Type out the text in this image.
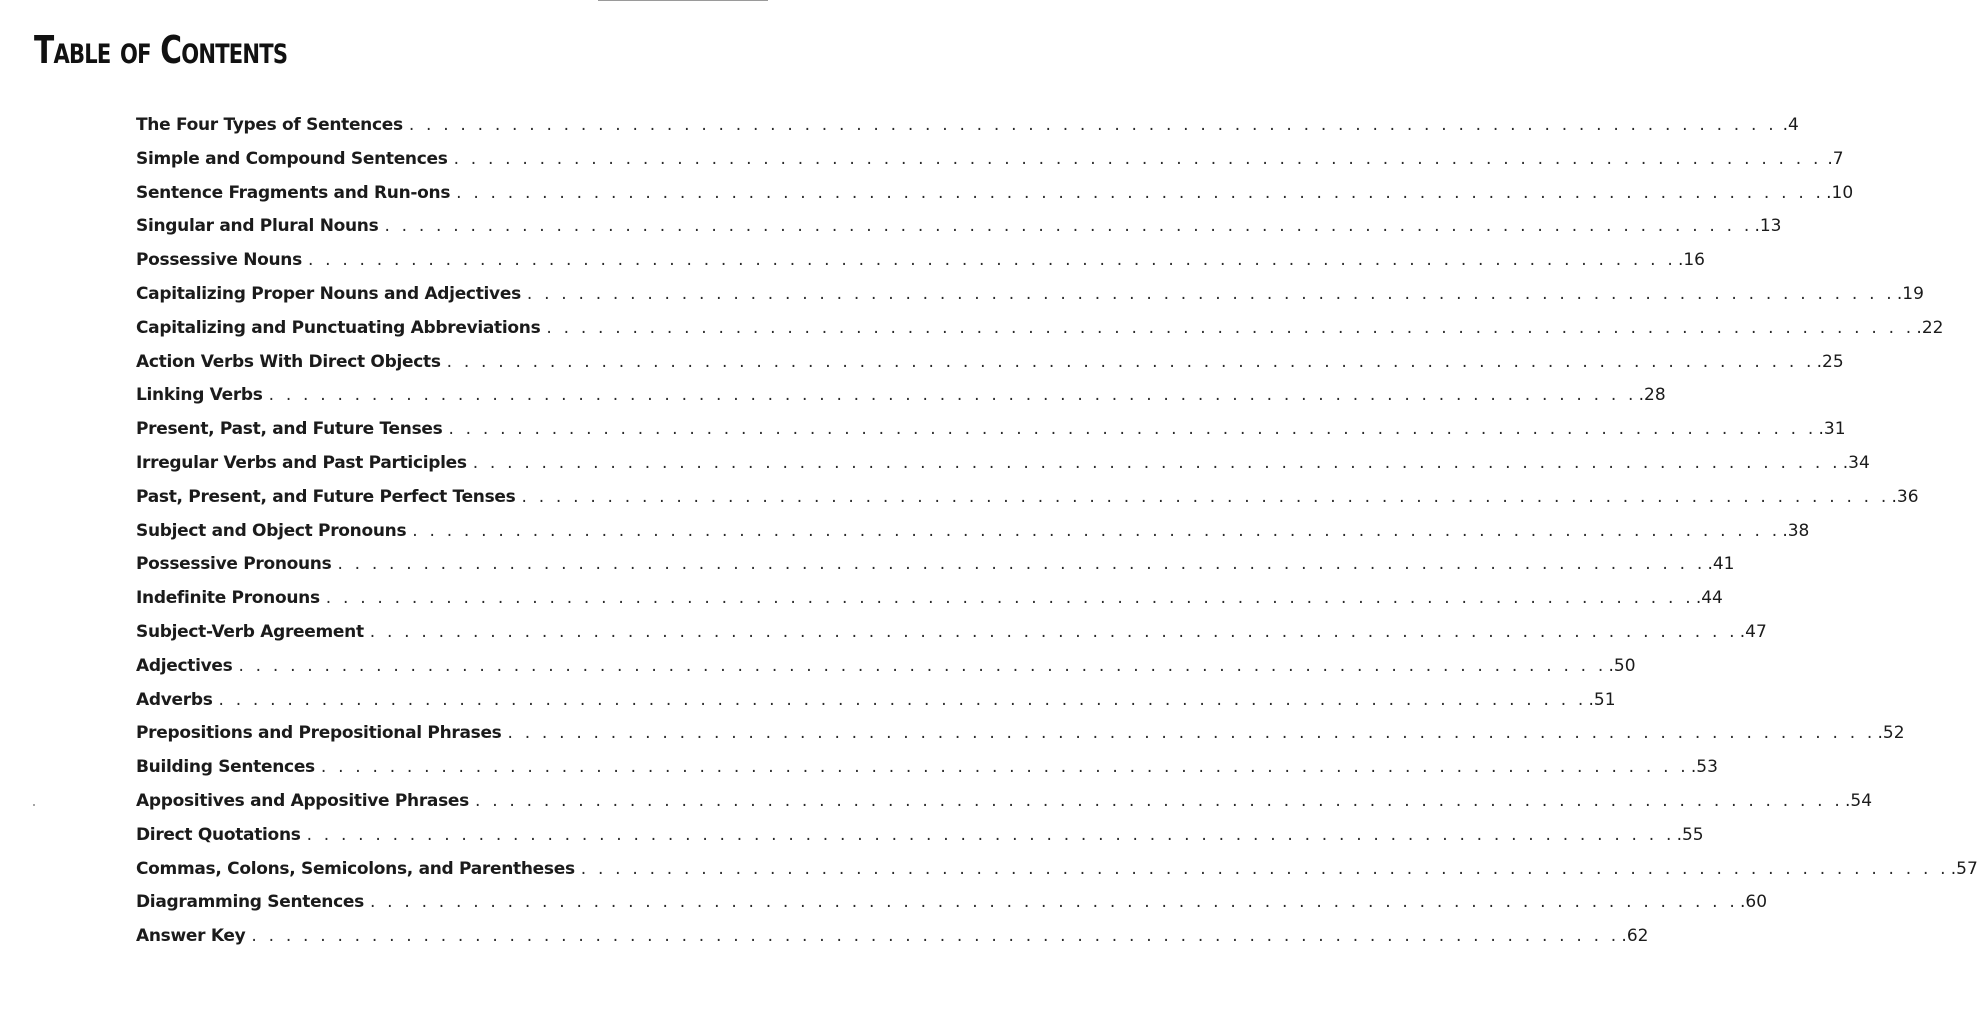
Table of Contents
The Four Types of Sentences . . . . . . . . . . . . . . . . . . . . . . . . . . . . . . . . . . . . . . . . . . . . . . . . . . . . . . . . . . . . . . . . . . . . . . . . . . . . . . . . .4
Simple and Compound Sentences . . . . . . . . . . . . . . . . . . . . . . . . . . . . . . . . . . . . . . . . . . . . . . . . . . . . . . . . . . . . . . . . . . . . . . . . . . . . . . . . .7
Sentence Fragments and Run-ons . . . . . . . . . . . . . . . . . . . . . . . . . . . . . . . . . . . . . . . . . . . . . . . . . . . . . . . . . . . . . . . . . . . . . . . . . . . . . . . . .10
Singular and Plural Nouns . . . . . . . . . . . . . . . . . . . . . . . . . . . . . . . . . . . . . . . . . . . . . . . . . . . . . . . . . . . . . . . . . . . . . . . . . . . . . . . . .13
Possessive Nouns . . . . . . . . . . . . . . . . . . . . . . . . . . . . . . . . . . . . . . . . . . . . . . . . . . . . . . . . . . . . . . . . . . . . . . . . . . . . . . . . .16
Capitalizing Proper Nouns and Adjectives . . . . . . . . . . . . . . . . . . . . . . . . . . . . . . . . . . . . . . . . . . . . . . . . . . . . . . . . . . . . . . . . . . . . . . . . . . . . . . . . .19
Capitalizing and Punctuating Abbreviations . . . . . . . . . . . . . . . . . . . . . . . . . . . . . . . . . . . . . . . . . . . . . . . . . . . . . . . . . . . . . . . . . . . . . . . . . . . . . . . . .22
Action Verbs With Direct Objects . . . . . . . . . . . . . . . . . . . . . . . . . . . . . . . . . . . . . . . . . . . . . . . . . . . . . . . . . . . . . . . . . . . . . . . . . . . . . . . . .25
Linking Verbs . . . . . . . . . . . . . . . . . . . . . . . . . . . . . . . . . . . . . . . . . . . . . . . . . . . . . . . . . . . . . . . . . . . . . . . . . . . . . . . . .28
Present, Past, and Future Tenses . . . . . . . . . . . . . . . . . . . . . . . . . . . . . . . . . . . . . . . . . . . . . . . . . . . . . . . . . . . . . . . . . . . . . . . . . . . . . . . . .31
Irregular Verbs and Past Participles . . . . . . . . . . . . . . . . . . . . . . . . . . . . . . . . . . . . . . . . . . . . . . . . . . . . . . . . . . . . . . . . . . . . . . . . . . . . . . . . .34
Past, Present, and Future Perfect Tenses . . . . . . . . . . . . . . . . . . . . . . . . . . . . . . . . . . . . . . . . . . . . . . . . . . . . . . . . . . . . . . . . . . . . . . . . . . . . . . . . .36
Subject and Object Pronouns . . . . . . . . . . . . . . . . . . . . . . . . . . . . . . . . . . . . . . . . . . . . . . . . . . . . . . . . . . . . . . . . . . . . . . . . . . . . . . . . .38
Possessive Pronouns . . . . . . . . . . . . . . . . . . . . . . . . . . . . . . . . . . . . . . . . . . . . . . . . . . . . . . . . . . . . . . . . . . . . . . . . . . . . . . . . .41
Indefinite Pronouns . . . . . . . . . . . . . . . . . . . . . . . . . . . . . . . . . . . . . . . . . . . . . . . . . . . . . . . . . . . . . . . . . . . . . . . . . . . . . . . . .44
Subject-Verb Agreement . . . . . . . . . . . . . . . . . . . . . . . . . . . . . . . . . . . . . . . . . . . . . . . . . . . . . . . . . . . . . . . . . . . . . . . . . . . . . . . . .47
Adjectives . . . . . . . . . . . . . . . . . . . . . . . . . . . . . . . . . . . . . . . . . . . . . . . . . . . . . . . . . . . . . . . . . . . . . . . . . . . . . . . . .50
Adverbs . . . . . . . . . . . . . . . . . . . . . . . . . . . . . . . . . . . . . . . . . . . . . . . . . . . . . . . . . . . . . . . . . . . . . . . . . . . . . . . . .51
Prepositions and Prepositional Phrases . . . . . . . . . . . . . . . . . . . . . . . . . . . . . . . . . . . . . . . . . . . . . . . . . . . . . . . . . . . . . . . . . . . . . . . . . . . . . . . . .52
Building Sentences . . . . . . . . . . . . . . . . . . . . . . . . . . . . . . . . . . . . . . . . . . . . . . . . . . . . . . . . . . . . . . . . . . . . . . . . . . . . . . . . .53
Appositives and Appositive Phrases . . . . . . . . . . . . . . . . . . . . . . . . . . . . . . . . . . . . . . . . . . . . . . . . . . . . . . . . . . . . . . . . . . . . . . . . . . . . . . . . .54
Direct Quotations . . . . . . . . . . . . . . . . . . . . . . . . . . . . . . . . . . . . . . . . . . . . . . . . . . . . . . . . . . . . . . . . . . . . . . . . . . . . . . . . .55
Commas, Colons, Semicolons, and Parentheses . . . . . . . . . . . . . . . . . . . . . . . . . . . . . . . . . . . . . . . . . . . . . . . . . . . . . . . . . . . . . . . . . . . . . . . . . . . . . . . . .57
Diagramming Sentences . . . . . . . . . . . . . . . . . . . . . . . . . . . . . . . . . . . . . . . . . . . . . . . . . . . . . . . . . . . . . . . . . . . . . . . . . . . . . . . . .60
Answer Key . . . . . . . . . . . . . . . . . . . . . . . . . . . . . . . . . . . . . . . . . . . . . . . . . . . . . . . . . . . . . . . . . . . . . . . . . . . . . . . . .62
